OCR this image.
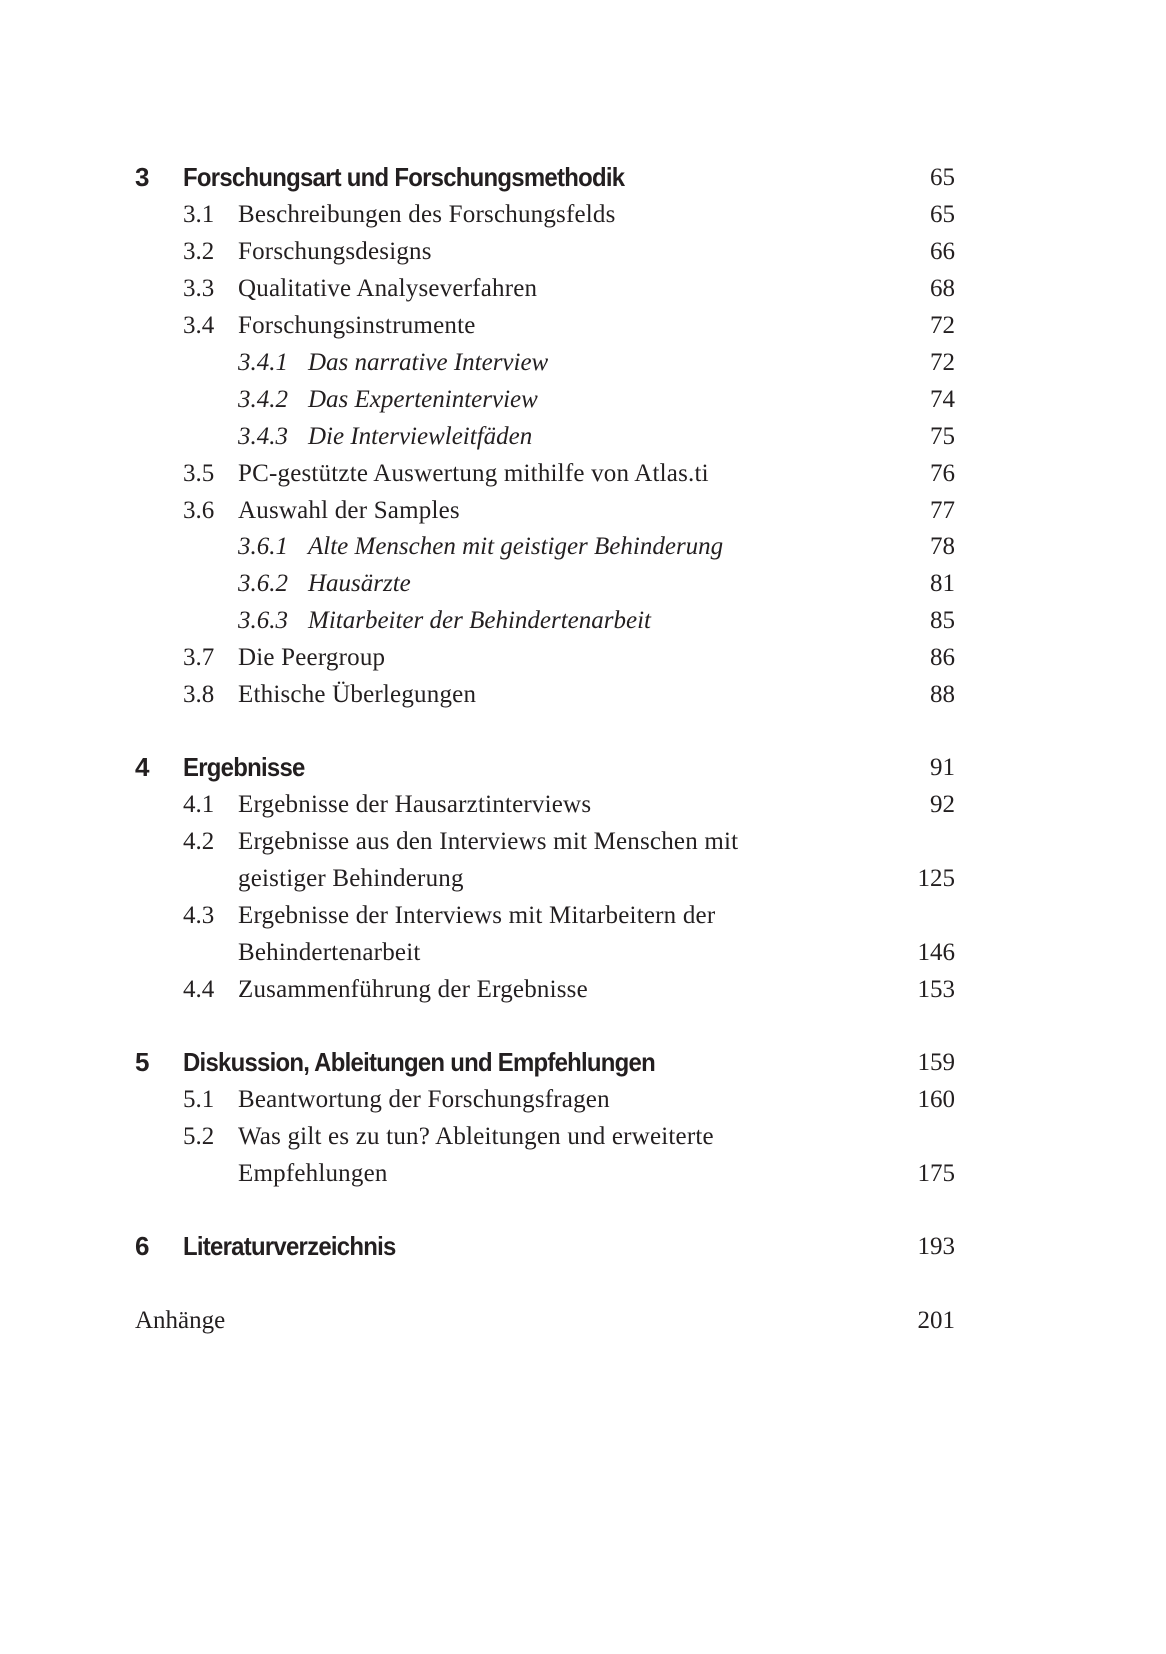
3 Forschungsart und Forschungsmethodik	65
3.1 Beschreibungen des Forschungsfelds	65
3.2 Forschungsdesigns	66
3.3 Qualitative Analyseverfahren	68
3.4 Forschungsinstrumente	72
3.4.1 Das narrative Interview	72
3.4.2 Das Experteninterview	74
3.4.3 Die Interviewleitfäden	75
3.5 PC-gestützte Auswertung mithilfe von Atlas.ti	76
3.6 Auswahl der Samples	77
3.6.1 Alte Menschen mit geistiger Behinderung	78
3.6.2 Hausärzte	81
3.6.3 Mitarbeiter der Behindertenarbeit	85
3.7 Die Peergroup	86
3.8 Ethische Überlegungen	88
4 Ergebnisse	91
4.1 Ergebnisse der Hausarztinterviews	92
4.2 Ergebnisse aus den Interviews mit Menschen mit
geistiger Behinderung	125
4.3 Ergebnisse der Interviews mit Mitarbeitern der
Behindertenarbeit	146
4.4 Zusammenführung der Ergebnisse	153
5 Diskussion, Ableitungen und Empfehlungen	159
5.1 Beantwortung der Forschungsfragen	160
5.2 Was gilt es zu tun? Ableitungen und erweiterte
Empfehlungen	175
6 Literaturverzeichnis	193
Anhänge	201
